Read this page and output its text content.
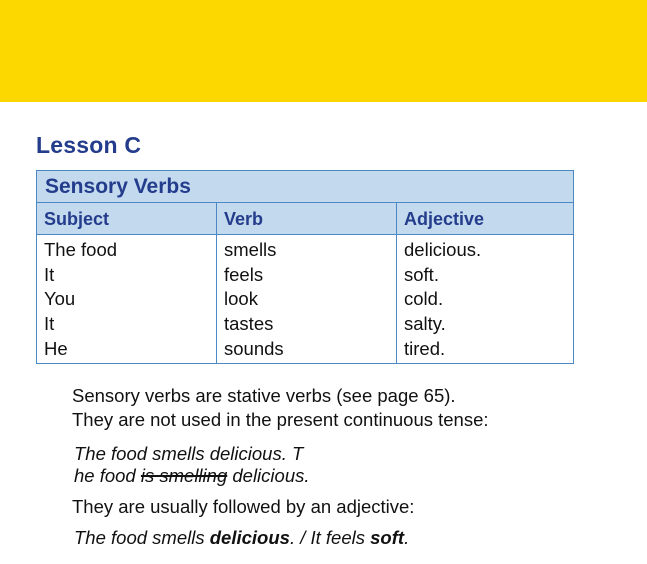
Lesson C
Sensory Verbs
Subject
The food
It
You
It
He
Verb
smells
feels
look
tastes
sounds
Adjective
delicious.
soft.
cold.
salty.
tired.
Sensory verbs are stative verbs (see page 65).
They are not used in the present continuous tense:
The food smells delicious. T
he food is smelling delicious.
They are usually followed by an adjective:
The food smells delicious. / It feels soft.
